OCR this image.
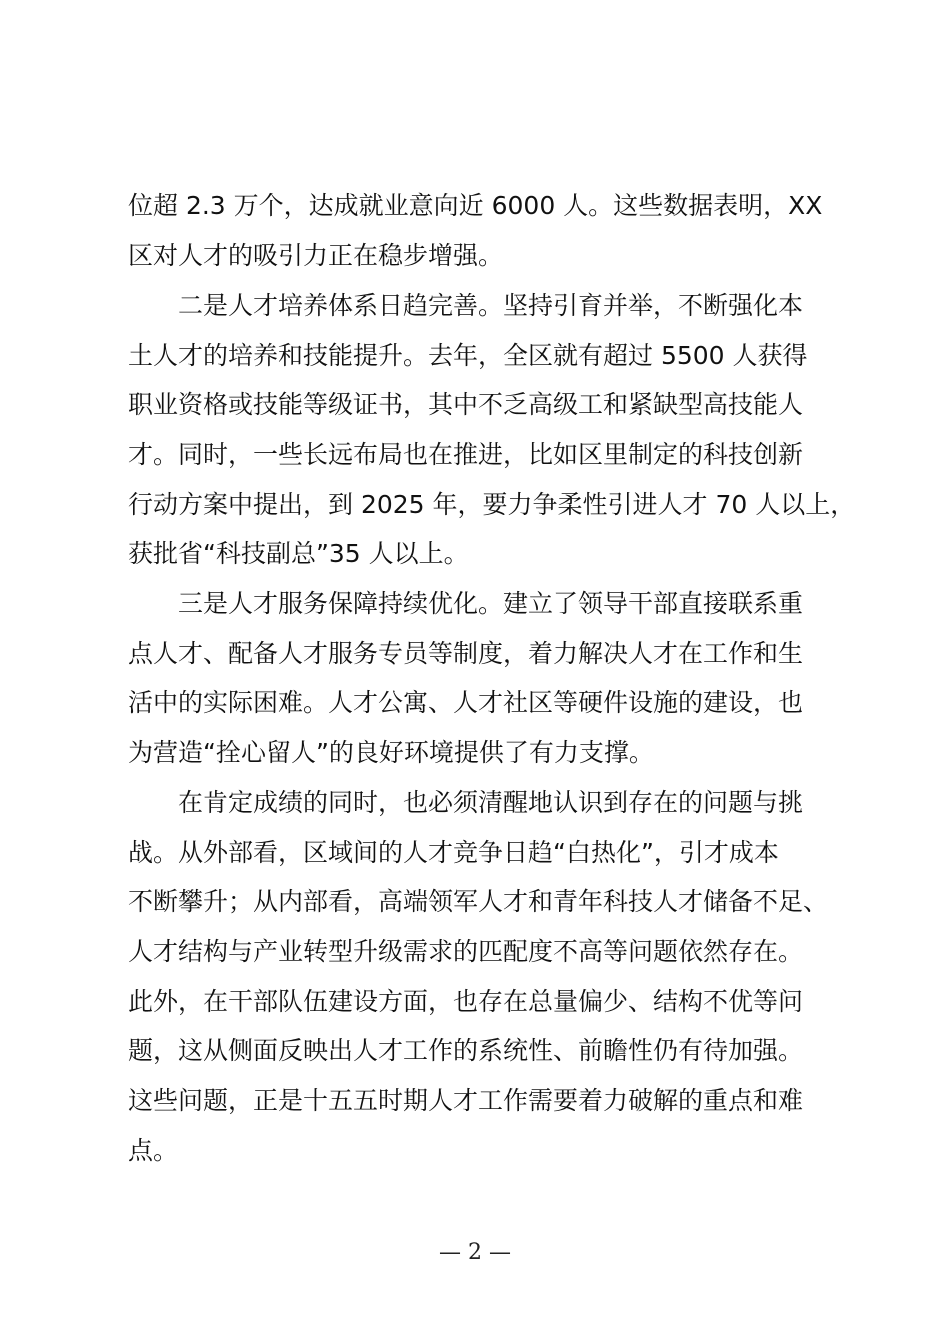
位超 2.3 万个，达成就业意向近 6000 人。这些数据表明，XX
区对人才的吸引力正在稳步增强。
　　二是人才培养体系日趋完善。坚持引育并举，不断强化本
土人才的培养和技能提升。去年，全区就有超过 5500 人获得
职业资格或技能等级证书，其中不乏高级工和紧缺型高技能人
才。同时，一些长远布局也在推进，比如区里制定的科技创新
行动方案中提出，到 2025 年，要力争柔性引进人才 70 人以上，
获批省“科技副总”35 人以上。
　　三是人才服务保障持续优化。建立了领导干部直接联系重
点人才、配备人才服务专员等制度，着力解决人才在工作和生
活中的实际困难。人才公寓、人才社区等硬件设施的建设，也
为营造“拴心留人”的良好环境提供了有力支撑。
　　在肯定成绩的同时，也必须清醒地认识到存在的问题与挑
战。从外部看，区域间的人才竞争日趋“白热化”，引才成本
不断攀升；从内部看，高端领军人才和青年科技人才储备不足、
人才结构与产业转型升级需求的匹配度不高等问题依然存在。
此外，在干部队伍建设方面，也存在总量偏少、结构不优等问
题，这从侧面反映出人才工作的系统性、前瞻性仍有待加强。
这些问题，正是十五五时期人才工作需要着力破解的重点和难
点。
— 2 —
